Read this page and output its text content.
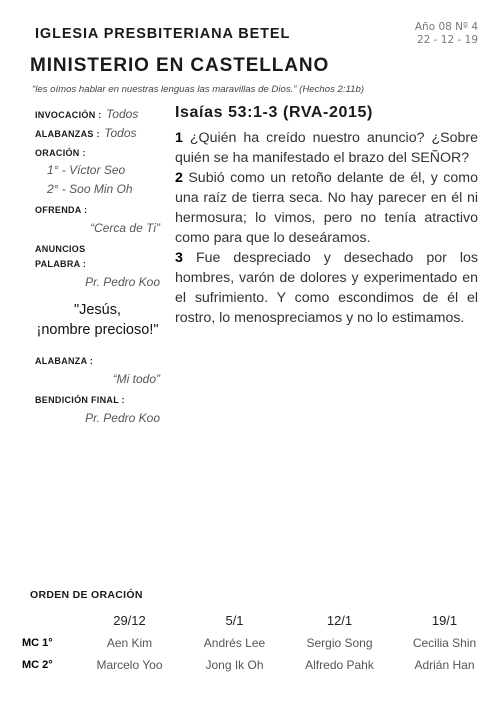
IGLESIA PRESBITERIANA BETEL	Año 08 Nº 4
22 - 12 - 19
MINISTERIO EN CASTELLANO
“les oímos hablar en nuestras lenguas las maravillas de Dios.” (Hechos 2:11b)
INVOCACIÓN : Todos
ALABANZAS : Todos
ORACIÓN :
1° - Víctor Seo
2° - Soo Min Oh
OFRENDA :
“Cerca de Ti”
ANUNCIOS
PALABRA :
Pr. Pedro Koo
"Jesús,
¡nombre precioso!"
ALABANZA :
“Mi todo”
BENDICIÓN FINAL :
Pr. Pedro Koo
Isaías 53:1-3 (RVA-2015)

1 ¿Quién ha creído nuestro anuncio? ¿Sobre quién se ha manifestado el brazo del SEÑOR?

2 Subió como un retoño delante de él, y como una raíz de tierra seca. No hay parecer en él ni hermosura; lo vimos, pero no tenía atractivo como para que lo deseáramos.

3 Fue despreciado y desechado por los hombres, varón de dolores y experimentado en el sufrimiento. Y como escondimos de él el rostro, lo menospreciamos y no lo estimamos.

ORDEN DE ORACIÓN
	29/12	5/1	12/1	19/1
MC 1°	Aen Kim	Andrés Lee	Sergio Song	Cecilia Shin
MC 2°	Marcelo Yoo	Jong Ik Oh	Alfredo Pahk	Adrián Han
